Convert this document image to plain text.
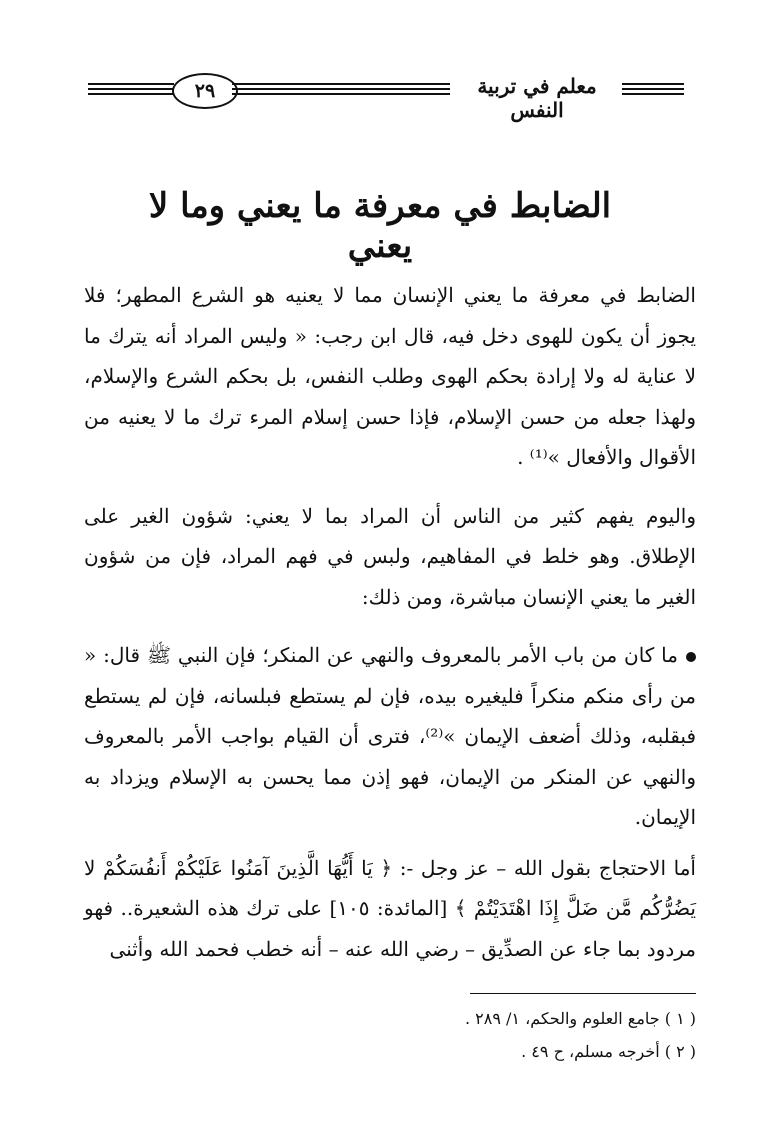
٢٩	معلم في تربية النفس
الضابط في معرفة ما يعني وما لا يعني

الضابط في معرفة ما يعني الإنسان مما لا يعنيه هو الشرع المطهر؛ فلا يجوز أن يكون للهوى دخل فيه، قال ابن رجب: « وليس المراد أنه يترك ما لا عناية له ولا إرادة بحكم الهوى وطلب النفس، بل بحكم الشرع والإسلام، ولهذا جعله من حسن الإسلام، فإذا حسن إسلام المرء ترك ما لا يعنيه من الأقوال والأفعال »⁽¹⁾ .

واليوم يفهم كثير من الناس أن المراد بما لا يعني: شؤون الغير على الإطلاق. وهو خلط في المفاهيم، ولبس في فهم المراد، فإن من شؤون الغير ما يعني الإنسان مباشرة، ومن ذلك:

ما كان من باب الأمر بالمعروف والنهي عن المنكر؛ فإن النبي ﷺ قال: « من رأى منكم منكراً فليغيره بيده، فإن لم يستطع فبلسانه، فإن لم يستطع فبقلبه، وذلك أضعف الإيمان »⁽²⁾، فترى أن القيام بواجب الأمر بالمعروف والنهي عن المنكر من الإيمان، فهو إذن مما يحسن به الإسلام ويزداد به الإيمان.

أما الاحتجاج بقول الله – عز وجل -: ﴿ يَا أَيُّهَا الَّذِينَ آمَنُوا عَلَيْكُمْ أَنفُسَكُمْ لا يَضُرُّكُم مَّن ضَلَّ إِذَا اهْتَدَيْتُمْ ﴾ [المائدة: ١٠٥] على ترك هذه الشعيرة.. فهو مردود بما جاء عن الصدِّيق – رضي الله عنه – أنه خطب فحمد الله وأثنى

( ١ ) جامع العلوم والحكم، ١/ ٢٨٩ .
( ٢ ) أخرجه مسلم، ح ٤٩ .
